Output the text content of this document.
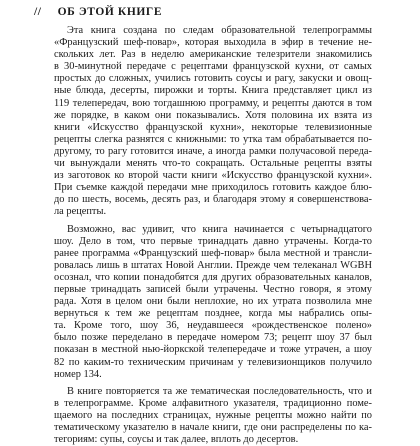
// ОБ ЭТОЙ КНИГЕ
Эта книга создана по следам образовательной телепрограммы
«Французский шеф-повар», которая выходила в эфир в течение не-
скольких лет. Раз в неделю американские телезрители знакомились
в 30-минутной передаче с рецептами французской кухни, от самых
простых до сложных, учились готовить соусы и рагу, закуски и овощ-
ные блюда, десерты, пирожки и торты. Книга представляет цикл из
119 телепередач, вою тогдашнюю программу, и рецепты даются в том
же порядке, в каком они показывались. Хотя половина их взята из
книги «Искусство французской кухни», некоторые телевизионные
рецепты слегка разнятся с книжными: то утка там обрабатывается по-
другому, то рагу готовится иначе, а иногда рамки получасовой переда-
чи вынуждали менять что-то сокращать. Остальные рецепты взяты
из заготовок ко второй части книги «Искусство французской кухни».
При съемке каждой передачи мне приходилось готовить каждое блю-
до по шесть, восемь, десять раз, и благодаря этому я совершенствова-
ла рецепты.
Возможно, вас удивит, что книга начинается с четырнадцатого
шоу. Дело в том, что первые тринадцать давно утрачены. Когда-то
ранее программа «Французский шеф-повар» была местной и трансли-
ровалась лишь в штатах Новой Англии. Прежде чем телеканал WGBH
осознал, что копии понадобятся для других образовательных каналов,
первые тринадцать записей были утрачены. Честно говоря, я этому
рада. Хотя в целом они были неплохие, но их утрата позволила мне
вернуться к тем же рецептам позднее, когда мы набрались опы-
та. Кроме того, шоу 36, неудавшееся «рождественское полено»
было позже переделано в передаче номером 73; рецепт шоу 37 был
показан в местной нью-йоркской телепередаче и тоже утрачен, а шоу
82 по каким-то техническим причинам у телевизионщиков получило
номер 134.
В книге повторяется та же тематическая последовательность, что и
в телепрограмме. Кроме алфавитного указателя, традиционно поме-
щаемого на последних страницах, нужные рецепты можно найти по
тематическому указателю в начале книги, где они распределены по ка-
тегориям: супы, соусы и так далее, вплоть до десертов.
